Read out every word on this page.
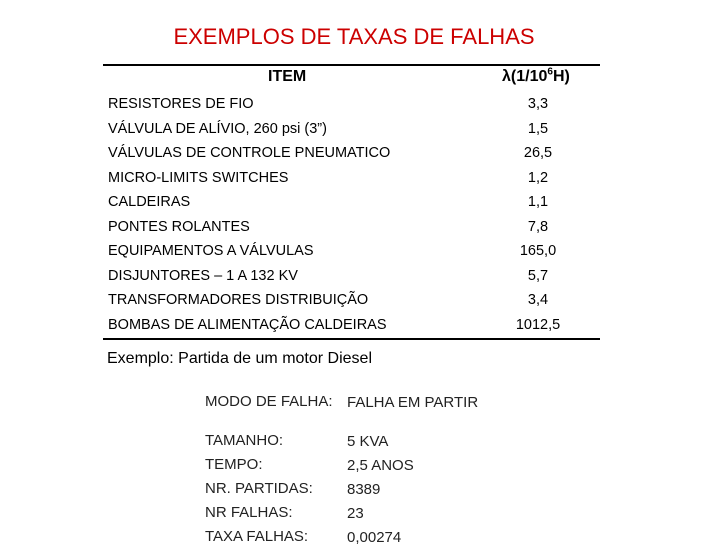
EXEMPLOS DE TAXAS DE FALHAS
ITEM	$\lambda(1/10^6H)$
RESISTORES DE FIO	3,3
VÁLVULA DE ALÍVIO, 260 psi (3”)	1,5
VÁLVULAS DE CONTROLE PNEUMATICO	26,5
MICRO-LIMITS SWITCHES	1,2
CALDEIRAS	1,1
PONTES ROLANTES	7,8
EQUIPAMENTOS A VÁLVULAS	165,0
DISJUNTORES – 1 A 132 KV	5,7
TRANSFORMADORES DISTRIBUIÇÃO	3,4
BOMBAS DE ALIMENTAÇÃO CALDEIRAS	1012,5
Exemplo: Partida de um motor Diesel
MODO DE FALHA: FALHA EM PARTIR
TAMANHO:	5 KVA
TEMPO:	2,5 ANOS
NR. PARTIDAS:	8389
NR FALHAS:	23
TAXA FALHAS:	0,00274
